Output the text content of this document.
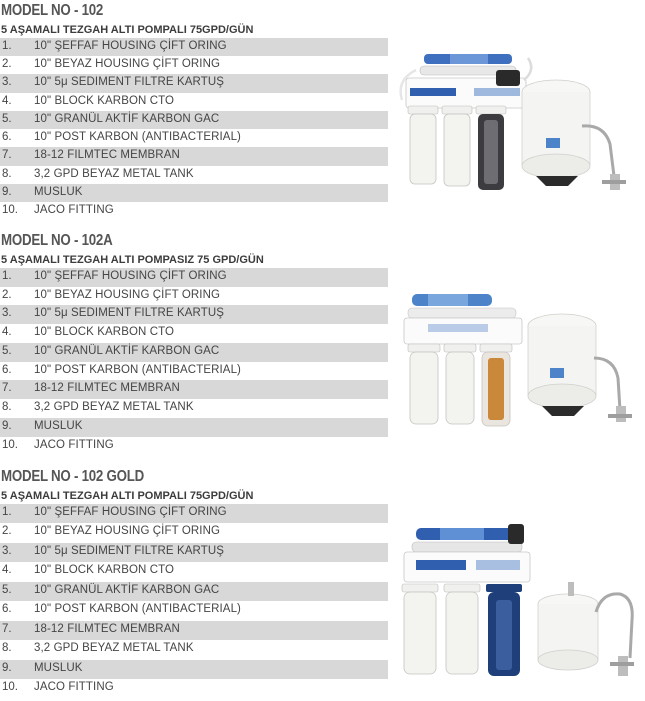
MODEL NO - 102

5 AŞAMALI TEZGAH ALTI POMPALI 75GPD/GÜN

1. 10" ŞEFFAF HOUSING ÇİFT ORING
2. 10" BEYAZ HOUSING ÇİFT ORING
3. 10" 5μ SEDIMENT FILTRE KARTUŞ
4. 10" BLOCK KARBON CTO
5. 10" GRANÜL AKTİF KARBON GAC
6. 10" POST KARBON (ANTIBACTERIAL)
7. 18-12 FILMTEC MEMBRAN
8. 3,2 GPD BEYAZ METAL TANK
9. MUSLUK
10. JACO FITTING
MODEL NO - 102A

5 AŞAMALI TEZGAH ALTI POMPASIZ 75 GPD/GÜN

1. 10" ŞEFFAF HOUSING ÇİFT ORING
2. 10" BEYAZ HOUSING ÇİFT ORING
3. 10" 5μ SEDIMENT FILTRE KARTUŞ
4. 10" BLOCK KARBON CTO
5. 10" GRANÜL AKTİF KARBON GAC
6. 10" POST KARBON (ANTIBACTERIAL)
7. 18-12 FILMTEC MEMBRAN
8. 3,2 GPD BEYAZ METAL TANK
9. MUSLUK
10. JACO FITTING
MODEL NO - 102 GOLD

5 AŞAMALI TEZGAH ALTI POMPALI 75GPD/GÜN

1. 10" ŞEFFAF HOUSING ÇİFT ORING
2. 10" BEYAZ HOUSING ÇİFT ORING
3. 10" 5μ SEDIMENT FILTRE KARTUŞ
4. 10" BLOCK KARBON CTO
5. 10" GRANÜL AKTİF KARBON GAC
6. 10" POST KARBON (ANTIBACTERIAL)
7. 18-12 FILMTEC MEMBRAN
8. 3,2 GPD BEYAZ METAL TANK
9. MUSLUK
10. JACO FITTING
